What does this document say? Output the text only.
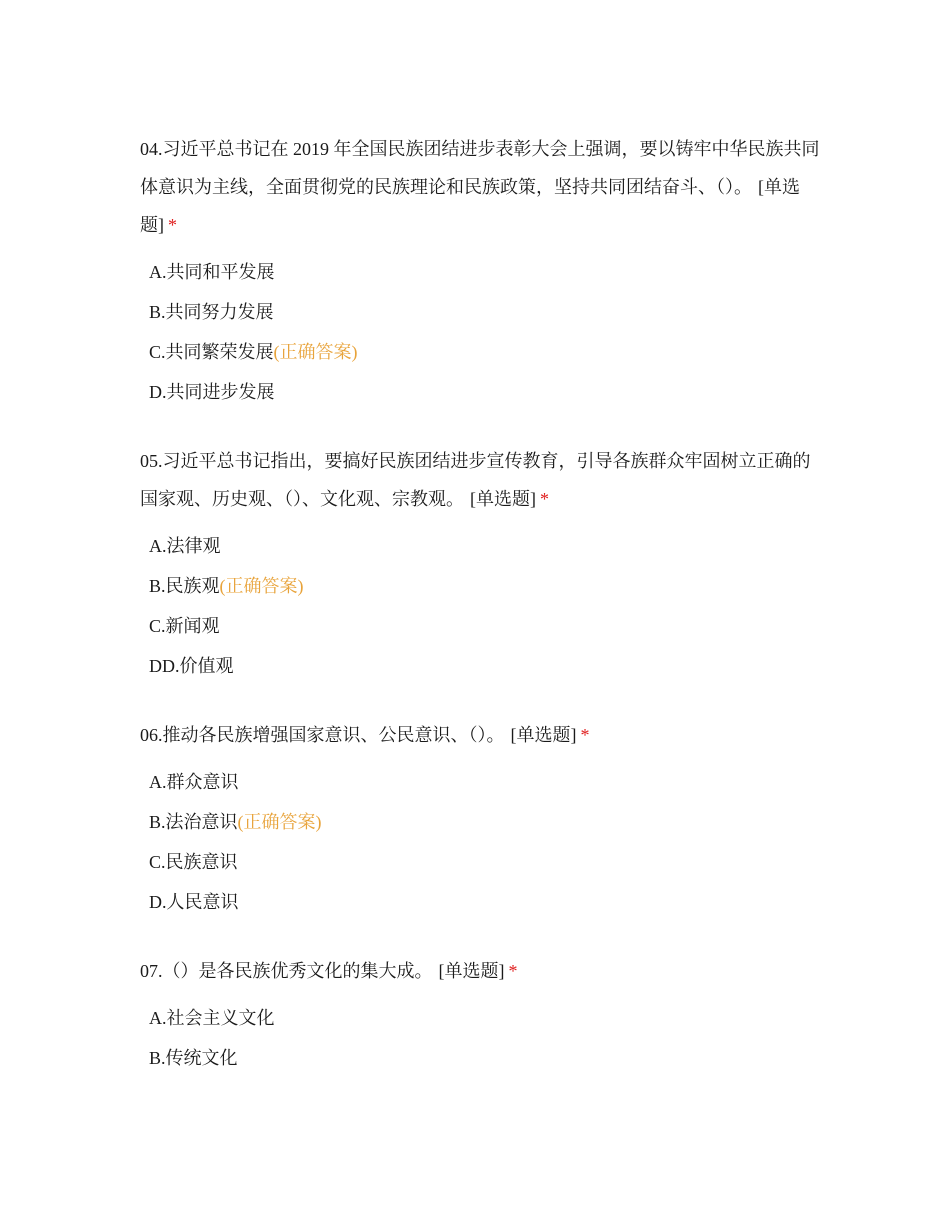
04.习近平总书记在 2019 年全国民族团结进步表彰大会上强调，要以铸牢中华民族共同体意识为主线，全面贯彻党的民族理论和民族政策，坚持共同团结奋斗、（）。 [单选题] *

A.共同和平发展
B.共同努力发展
C.共同繁荣发展(正确答案)
D.共同进步发展

05.习近平总书记指出，要搞好民族团结进步宣传教育，引导各族群众牢固树立正确的国家观、历史观、（）、文化观、宗教观。 [单选题] *

A.法律观
B.民族观(正确答案)
C.新闻观
DD.价值观

06.推动各民族增强国家意识、公民意识、（）。 [单选题] *

A.群众意识
B.法治意识(正确答案)
C.民族意识
D.人民意识

07.（）是各民族优秀文化的集大成。 [单选题] *

A.社会主义文化
B.传统文化
